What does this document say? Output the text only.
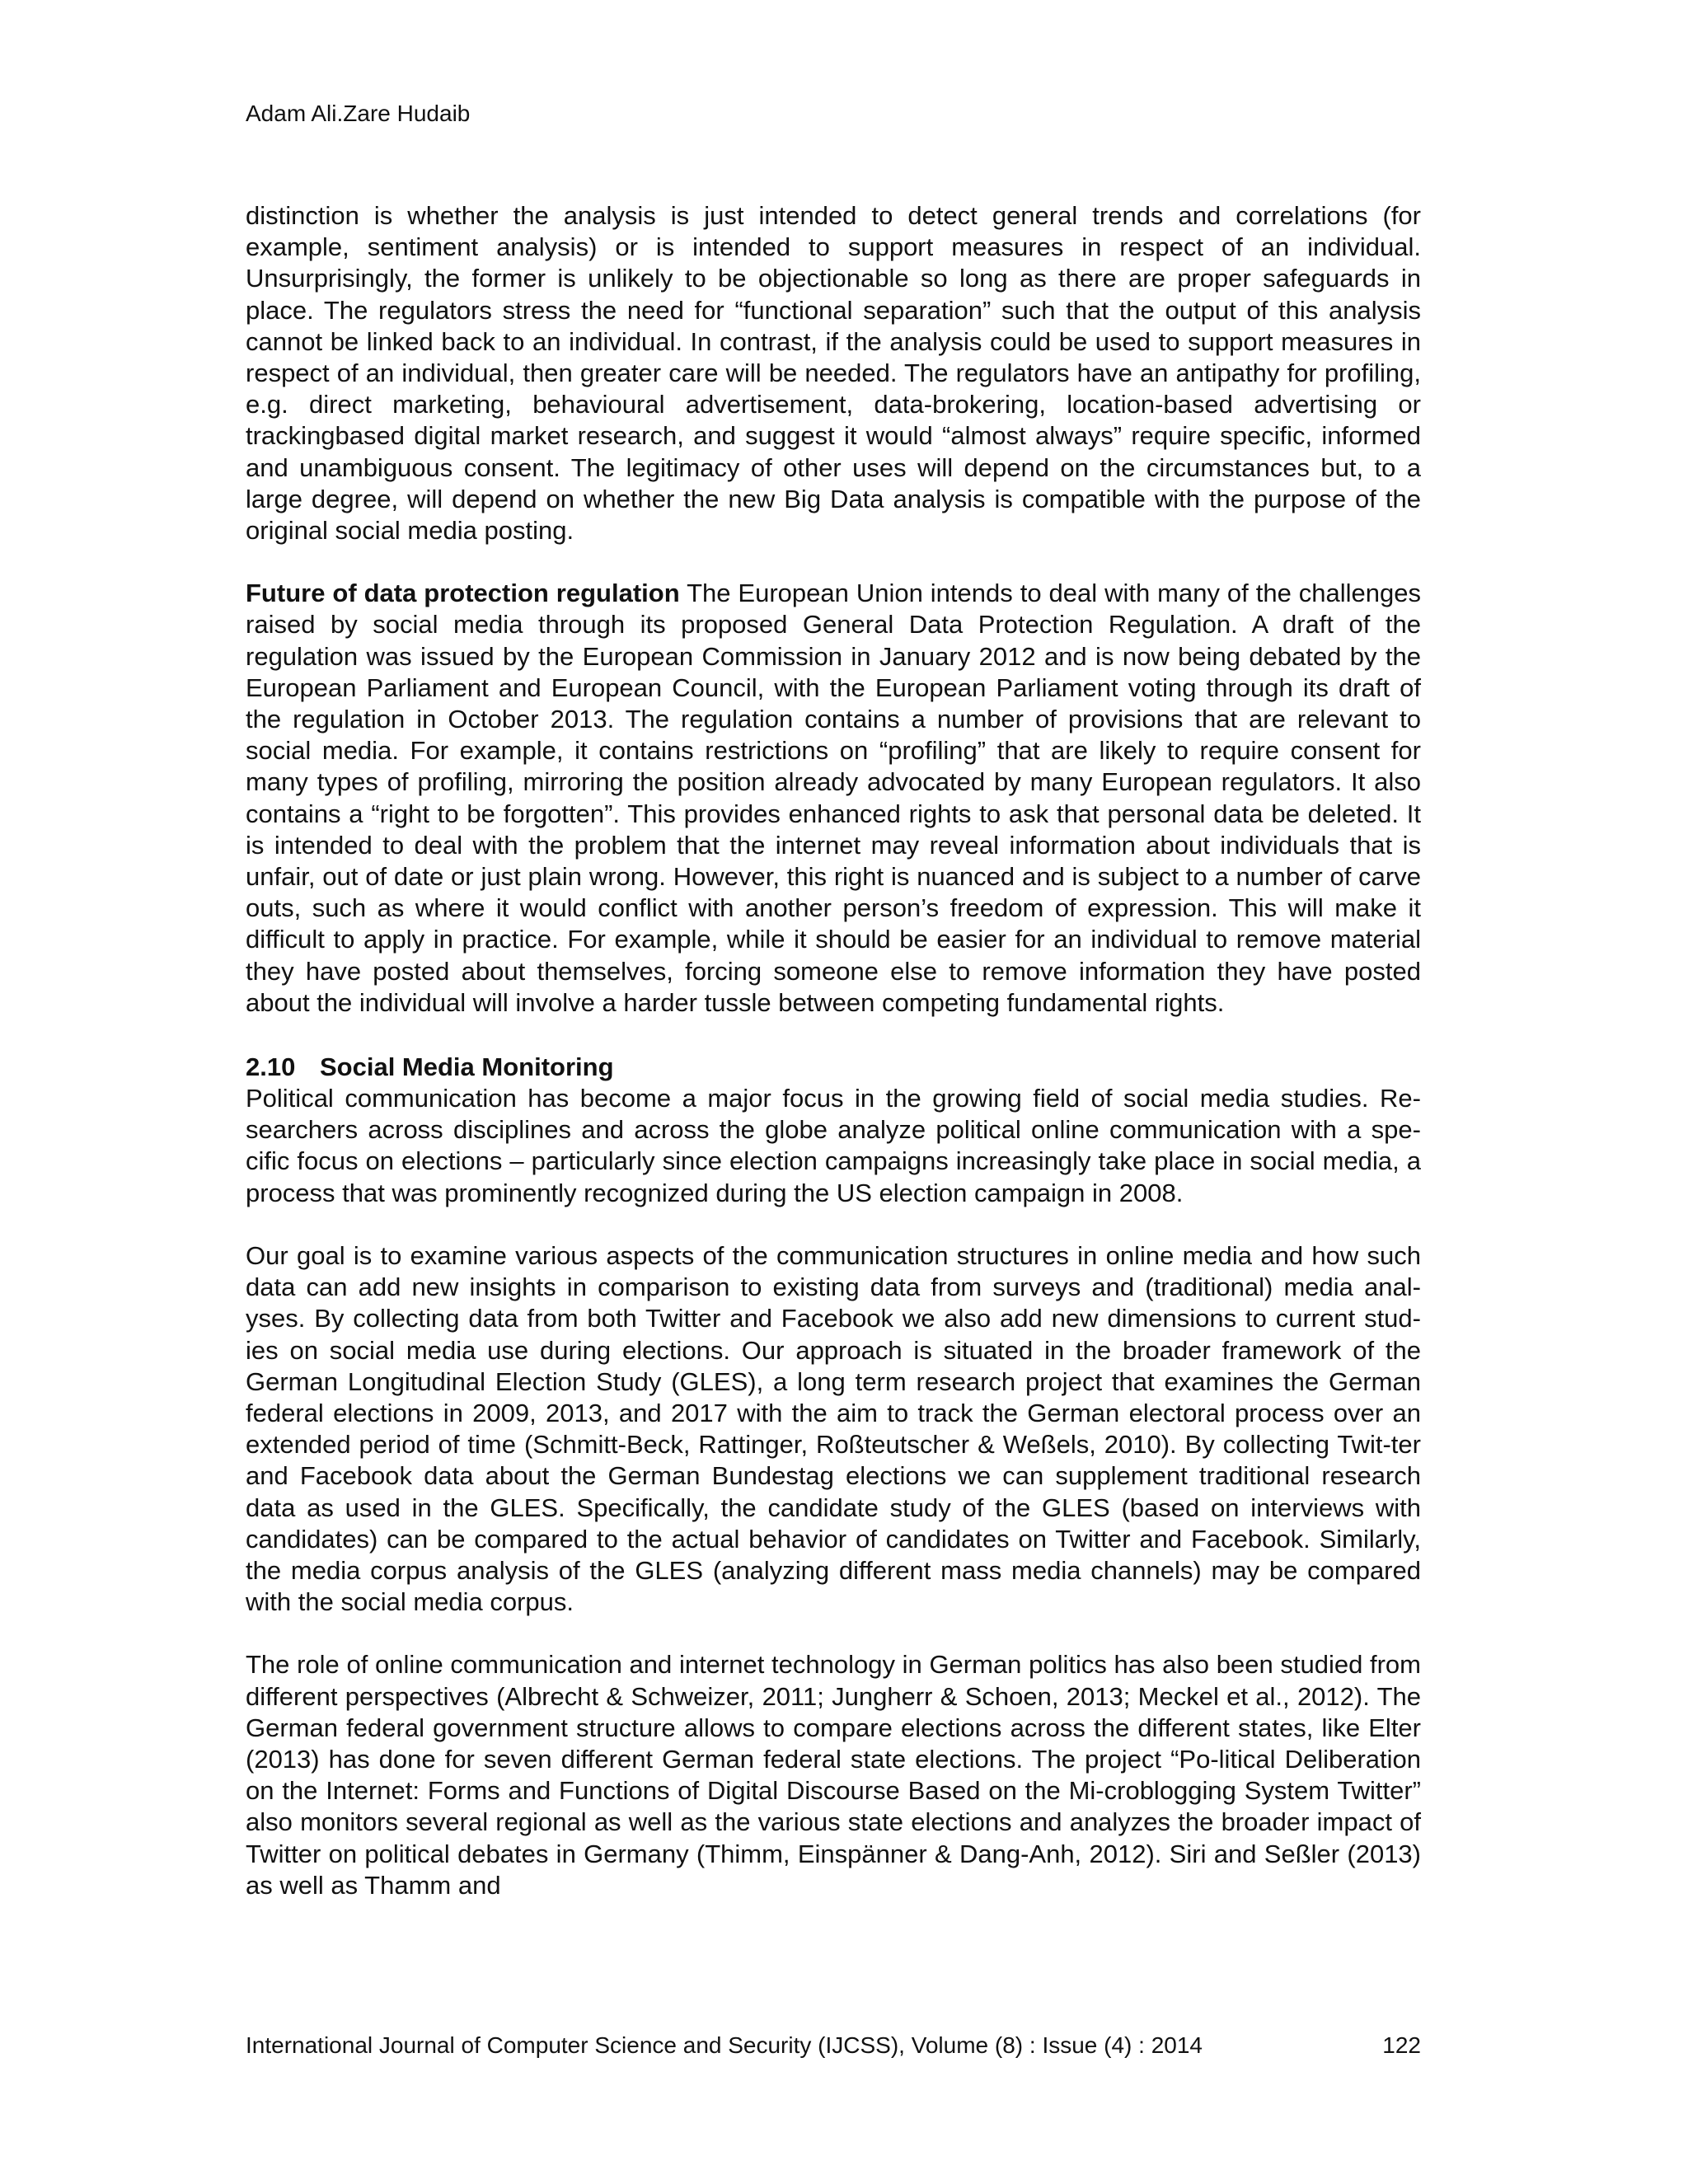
Adam Ali.Zare Hudaib

distinction is whether the analysis is just intended to detect general trends and correlations (for example, sentiment analysis) or is intended to support measures in respect of an individual. Unsurprisingly, the former is unlikely to be objectionable so long as there are proper safeguards in place. The regulators stress the need for “functional separation” such that the output of this analysis cannot be linked back to an individual. In contrast, if the analysis could be used to support measures in respect of an individual, then greater care will be needed. The regulators have an antipathy for profiling, e.g. direct marketing, behavioural advertisement, data-brokering, location-based advertising or trackingbased digital market research, and suggest it would “almost always” require specific, informed and unambiguous consent. The legitimacy of other uses will depend on the circumstances but, to a large degree, will depend on whether the new Big Data analysis is compatible with the purpose of the original social media posting.

Future of data protection regulation The European Union intends to deal with many of the challenges raised by social media through its proposed General Data Protection Regulation. A draft of the regulation was issued by the European Commission in January 2012 and is now being debated by the European Parliament and European Council, with the European Parliament voting through its draft of the regulation in October 2013. The regulation contains a number of provisions that are relevant to social media. For example, it contains restrictions on “profiling” that are likely to require consent for many types of profiling, mirroring the position already advocated by many European regulators. It also contains a “right to be forgotten”. This provides enhanced rights to ask that personal data be deleted. It is intended to deal with the problem that the internet may reveal information about individuals that is unfair, out of date or just plain wrong. However, this right is nuanced and is subject to a number of carve outs, such as where it would conflict with another person’s freedom of expression. This will make it difficult to apply in practice. For example, while it should be easier for an individual to remove material they have posted about themselves, forcing someone else to remove information they have posted about the individual will involve a harder tussle between competing fundamental rights.

2.10 Social Media Monitoring

Political communication has become a major focus in the growing field of social media studies. Re-searchers across disciplines and across the globe analyze political online communication with a spe-cific focus on elections – particularly since election campaigns increasingly take place in social media, a process that was prominently recognized during the US election campaign in 2008.

Our goal is to examine various aspects of the communication structures in online media and how such data can add new insights in comparison to existing data from surveys and (traditional) media anal-yses. By collecting data from both Twitter and Facebook we also add new dimensions to current stud-ies on social media use during elections. Our approach is situated in the broader framework of the German Longitudinal Election Study (GLES), a long term research project that examines the German federal elections in 2009, 2013, and 2017 with the aim to track the German electoral process over an extended period of time (Schmitt-Beck, Rattinger, Roßteutscher & Weßels, 2010). By collecting Twit-ter and Facebook data about the German Bundestag elections we can supplement traditional research data as used in the GLES. Specifically, the candidate study of the GLES (based on interviews with candidates) can be compared to the actual behavior of candidates on Twitter and Facebook. Similarly, the media corpus analysis of the GLES (analyzing different mass media channels) may be compared with the social media corpus.

The role of online communication and internet technology in German politics has also been studied from different perspectives (Albrecht & Schweizer, 2011; Jungherr & Schoen, 2013; Meckel et al., 2012). The German federal government structure allows to compare elections across the different states, like Elter (2013) has done for seven different German federal state elections. The project “Po-litical Deliberation on the Internet: Forms and Functions of Digital Discourse Based on the Mi-croblogging System Twitter” also monitors several regional as well as the various state elections and analyzes the broader impact of Twitter on political debates in Germany (Thimm, Einspänner & Dang-Anh, 2012). Siri and Seßler (2013) as well as Thamm and

International Journal of Computer Science and Security (IJCSS), Volume (8) : Issue (4) : 2014	122
